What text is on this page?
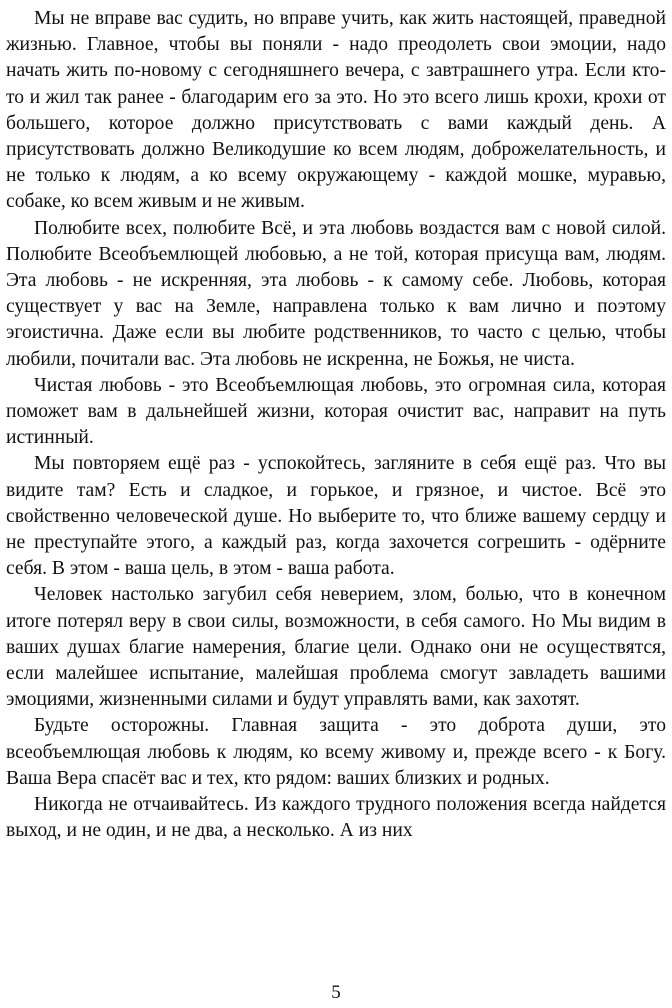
Мы не вправе вас судить, но вправе учить, как жить настоящей, праведной жизнью. Главное, чтобы вы поняли - надо преодолеть свои эмоции, надо начать жить по-новому с сегодняшнего вечера, с завтрашнего утра. Если кто-то и жил так ранее - благодарим его за это. Но это всего лишь крохи, крохи от большего, которое должно присутствовать с вами каждый день. А присутствовать должно Великодушие ко всем людям, доброжелательность, и не только к людям, а ко всему окружающему - каждой мошке, муравью, собаке, ко всем живым и не живым.

Полюбите всех, полюбите Всё, и эта любовь воздастся вам с новой силой. Полюбите Всеобъемлющей любовью, а не той, которая присуща вам, людям. Эта любовь - не искренняя, эта любовь - к самому себе. Любовь, которая существует у вас на Земле, направлена только к вам лично и поэтому эгоистична. Даже если вы любите родственников, то часто с целью, чтобы любили, почитали вас. Эта любовь не искренна, не Божья, не чиста.

Чистая любовь - это Всеобъемлющая любовь, это огромная сила, которая поможет вам в дальнейшей жизни, которая очистит вас, направит на путь истинный.

Мы повторяем ещё раз - успокойтесь, загляните в себя ещё раз. Что вы видите там? Есть и сладкое, и горькое, и грязное, и чистое. Всё это свойственно человеческой душе. Но выберите то, что ближе вашему сердцу и не преступайте этого, а каждый раз, когда захочется согрешить - одёрните себя. В этом - ваша цель, в этом - ваша работа.

Человек настолько загубил себя неверием, злом, болью, что в конечном итоге потерял веру в свои силы, возможности, в себя самого. Но Мы видим в ваших душах благие намерения, благие цели. Однако они не осуществятся, если малейшее испытание, малейшая проблема смогут завладеть вашими эмоциями, жизненными силами и будут управлять вами, как захотят.

Будьте осторожны. Главная защита - это доброта души, это всеобъемлющая любовь к людям, ко всему живому и, прежде всего - к Богу. Ваша Вера спасёт вас и тех, кто рядом: ваших близких и родных.

Никогда не отчаивайтесь. Из каждого трудного положения всегда найдется выход, и не один, и не два, а несколько. А из них

5
